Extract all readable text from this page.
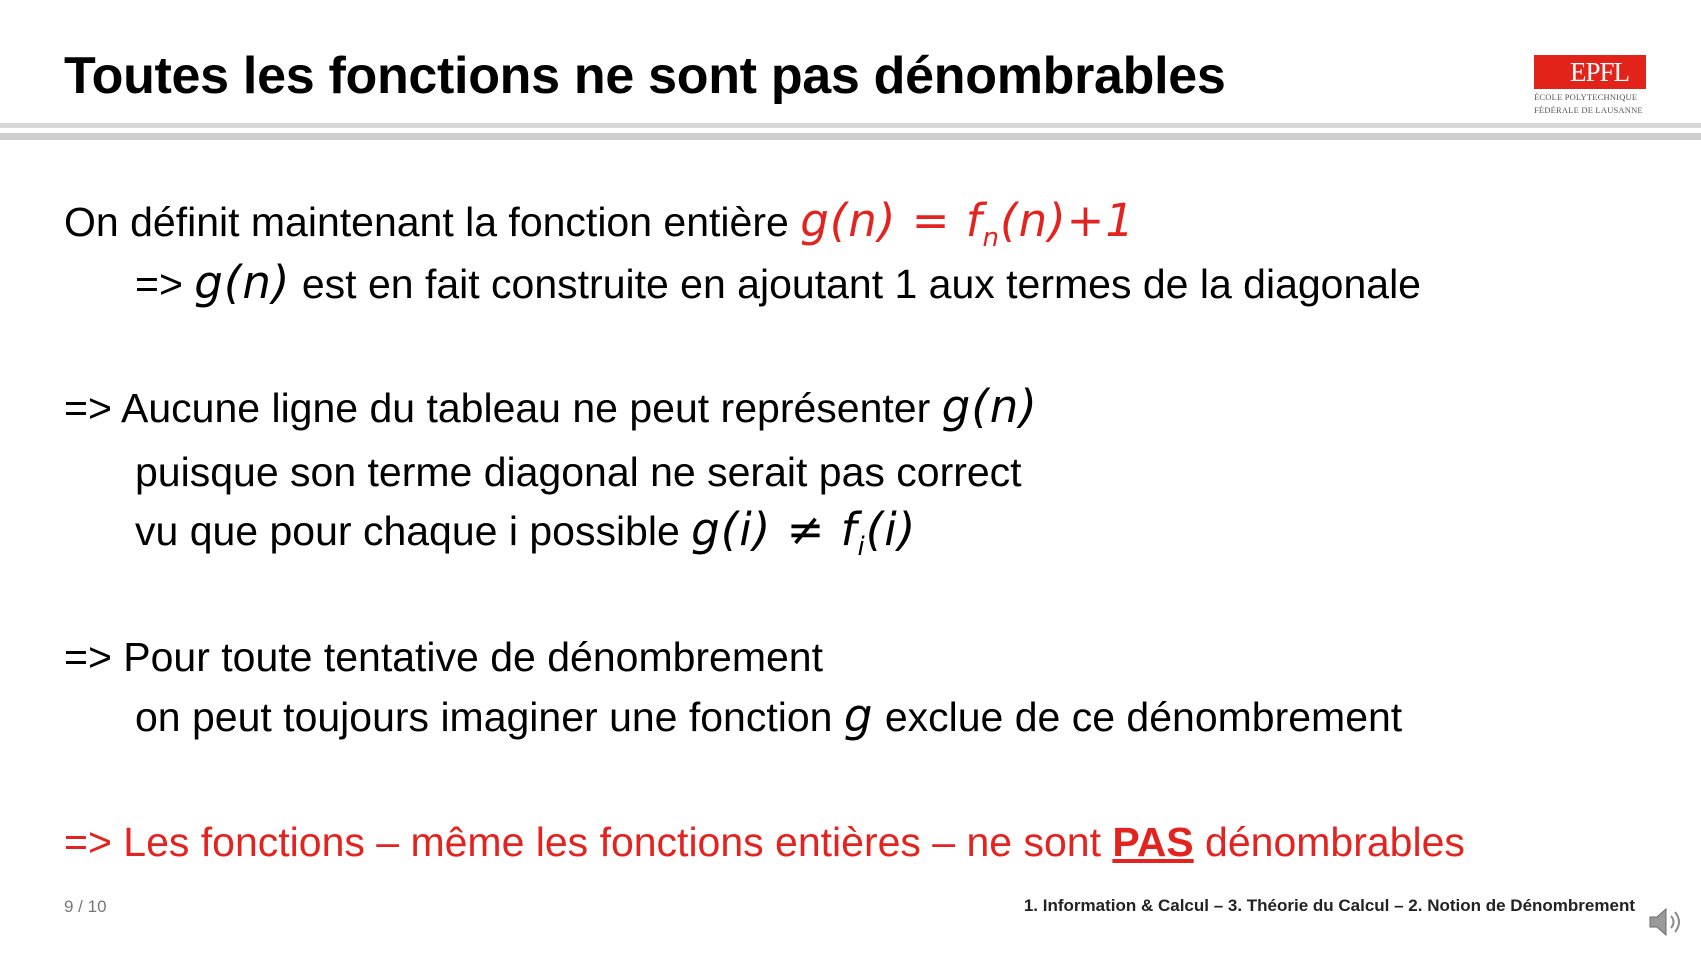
Toutes les fonctions ne sont pas dénombrables	EPFL
ÉCOLE POLYTECHNIQUE
FÉDÉRALE DE LAUSANNE
On définit maintenant la fonction entière $g(n) = f_n(n)+1$
=> g(n) est en fait construite en ajoutant 1 aux termes de la diagonale
=> Aucune ligne du tableau ne peut représenter g(n)
puisque son terme diagonal ne serait pas correct
vu que pour chaque i possible $g(i) \ne f_i(i)$
=> Pour toute tentative de dénombrement
on peut toujours imaginer une fonction g exclue de ce dénombrement
=> Les fonctions – même les fonctions entières – ne sont PAS dénombrables
9 / 10	1. Information & Calcul – 3. Théorie du Calcul – 2. Notion de Dénombrement
